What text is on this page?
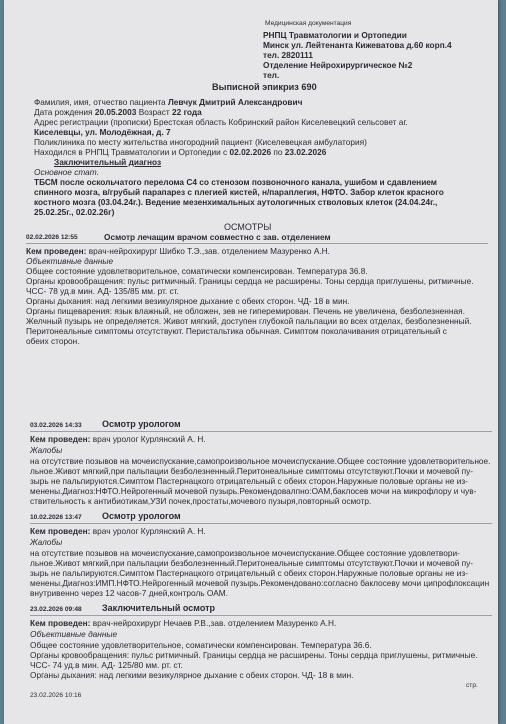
Медицинская документация
РНПЦ Травматологии и Ортопедии
Минск ул. Лейтенанта Кижеватова д.60 корп.4
тел. 2820111
Отделение Нейрохирургическое №2
тел.
Выписной эпикриз 690
Фамилия, имя, отчество пациента Левчук Дмитрий Александрович
Дата рождения 20.05.2003 Возраст 22 года
Адрес регистрации (прописки) Брестская область Кобринский район Киселевецкий сельсовет аг.
Киселевцы, ул. Молодёжная, д. 7
Поликлиника по месту жительства иногородний пациент (Киселевецкая амбулатория)
Находился в РНПЦ Травматологии и Ортопедии с 02.02.2026 по 23.02.2026
Заключительный диагноз
Основное стат.
ТБСМ после оскольчатого перелома С4 со стенозом позвоночного канала, ушибом и сдавлением
спинного мозга, в/грубый парапарез с плегией кистей, н/параплегия, НФТО. Забор клеток красного
костного мозга (03.04.24г.). Ведение мезенхимальных аутологичных стволовых клеток (24.04.24г.,
25.02.25г., 02.02.26г)
ОСМОТРЫ
02.02.2026 12:55	Осмотр лечащим врачом совместно с зав. отделением
Кем проведен: врач-нейрохирург Шибко Т.Э.,зав. отделением Мазуренко А.Н.
Объективные данные
Общее состояние удовлетворительное, соматически компенсирован. Температура 36.8.
Органы кровообращения: пульс ритмичный. Границы сердца не расширены. Тоны сердца приглушены, ритмичные.
ЧСС- 78 уд.в мин. АД- 135/85 мм. рт. ст.
Органы дыхания: над легкими везикулярное дыхание с обеих сторон. ЧД- 18 в мин.
Органы пищеварения: язык влажный, не обложен, зев не гиперемирован. Печень не увеличена, безболезненная.
Желчный пузырь не определяется. Живот мягкий, доступен глубокой пальпации во всех отделах, безболезненный.
Перитонеальные симптомы отсутствуют. Перистальтика обычная. Симптом поколачивания отрицательный с
обеих сторон.
03.02.2026 14:33 Осмотр урологом
Кем проведен: врач уролог Курлянский А. Н.
Жалобы
на отсутствие позывов на мочеиспускание,самопроизвольное мочеиспускание.Общее состояние удовлетворительное.
льное.Живот мягкий,при пальпации безболезненный.Перитонеальные симптомы отсутствуют.Почки и мочевой пу-
зырь не пальпируются.Симптом Пастернацкого отрицательный с обеих сторон.Наружные половые органы не из-
менены.Диагноз:НФТО.Нейрогенный мочевой пузырь.Рекомендовалпно:ОАМ,баклосев мочи на микрофлору и чув-
ствительность к антибиотикам,УЗИ почек,простаты,мочевого пузыря,повторный осмотр.
10.02.2026 13:47 Осмотр урологом
Кем проведен: врач уролог Курлянский А. Н.
Жалобы
на отсутствие позывов на мочеиспускание,самопроизвольное мочеиспускание.Общее состояние удовлетвори-
льное.Живот мягкий,при пальпации безболезненный.Перитонеальные симптомы отсутствуют.Почки и мочевой пу-
зырь не пальпируются.Симптом Пастернацкого отрицательный с обеих сторон.Наружные половые органы не из-
менены.Диагноз:ИМП.НФТО.Нейрогенный мочевой пузырь.Рекомендовано:согласно баклосеву мочи ципрофлоксацин
внутривенно через 12 часов-7 дней,контроль ОАМ.
23.02.2026 09:48 Заключительный осмотр
Кем проведен: врач-нейрохирург Нечаев Р.В.,зав. отделением Мазуренко А.Н.
Объективные данные
Общее состояние удовлетворительное, соматически компенсирован. Температура 36.6.
Органы кровообращения: пульс ритмичный. Границы сердца не расширены. Тоны сердца приглушены, ритмичные.
ЧСС- 74 уд.в мин. АД- 125/80 мм. рт. ст.
Органы дыхания: над легкими везикулярное дыхание с обеих сторон. ЧД- 18 в мин.
23.02.2026 10:16
стр.
